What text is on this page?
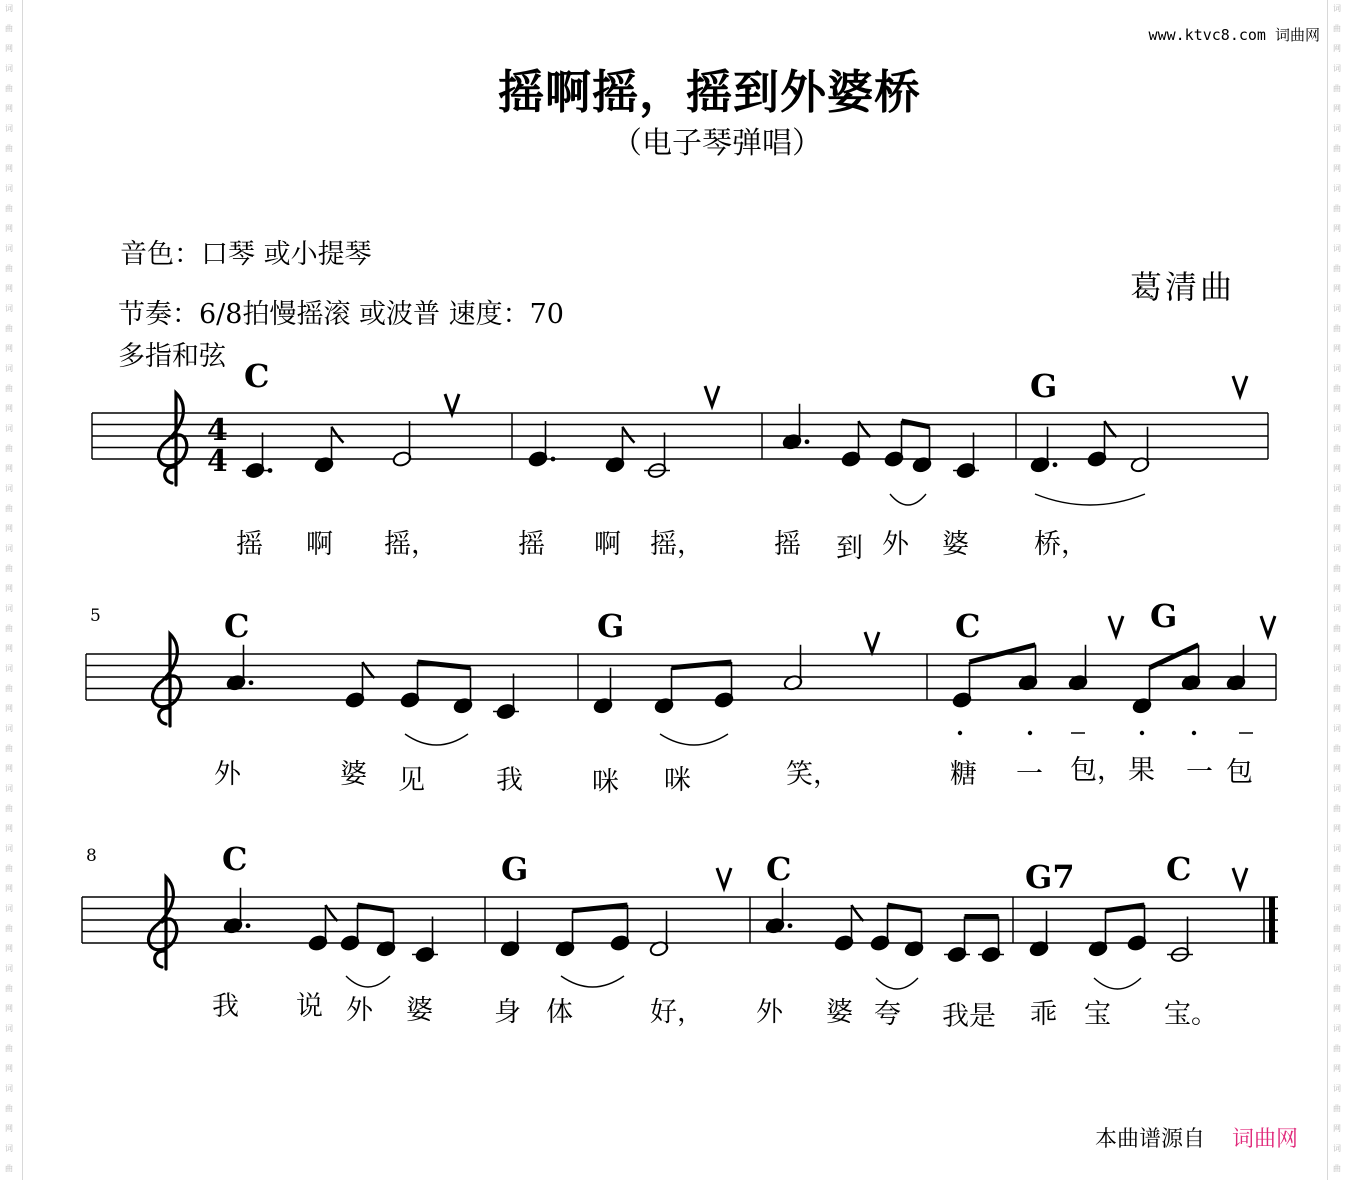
词
曲
网
词
曲
网
词
曲
网
词
曲
网
词
曲
网
词
曲
网
词
曲
网
词
曲
网
词
曲
网
词
曲
网
词
曲
网
词
曲
网
词
曲
网
词
曲
网
词
曲
网
词
曲
网
词
曲
网
词
曲
网
词
曲
网
词
曲
词
曲
网
词
曲
网
词
曲
网
词
曲
网
词
曲
网
词
曲
网
词
曲
网
词
曲
网
词
曲
网
词
曲
网
词
曲
网
词
曲
网
词
曲
网
词
曲
网
词
曲
网
词
曲
网
词
曲
网
词
曲
网
词
曲
网
词
曲
www.ktvc8.com 词曲网
摇啊摇，摇到外婆桥
（电子琴弹唱）
音色：口琴 或小提琴
节奏：6/8拍慢摇滚 或波普 速度：70
多指和弦
葛清曲
4
4
5
8
C	G
C	G	C	G
C	G	C	G7	C
摇 啊 摇，	摇 啊 摇，	摇 到 外 婆 桥，
外	婆 见	我	咪 咪	笑，	糖 一 包， 果 一 包
我 说 外 婆 身 体	好， 外 婆 夸 我是 乖 宝 宝。
本曲谱源自 词曲网
